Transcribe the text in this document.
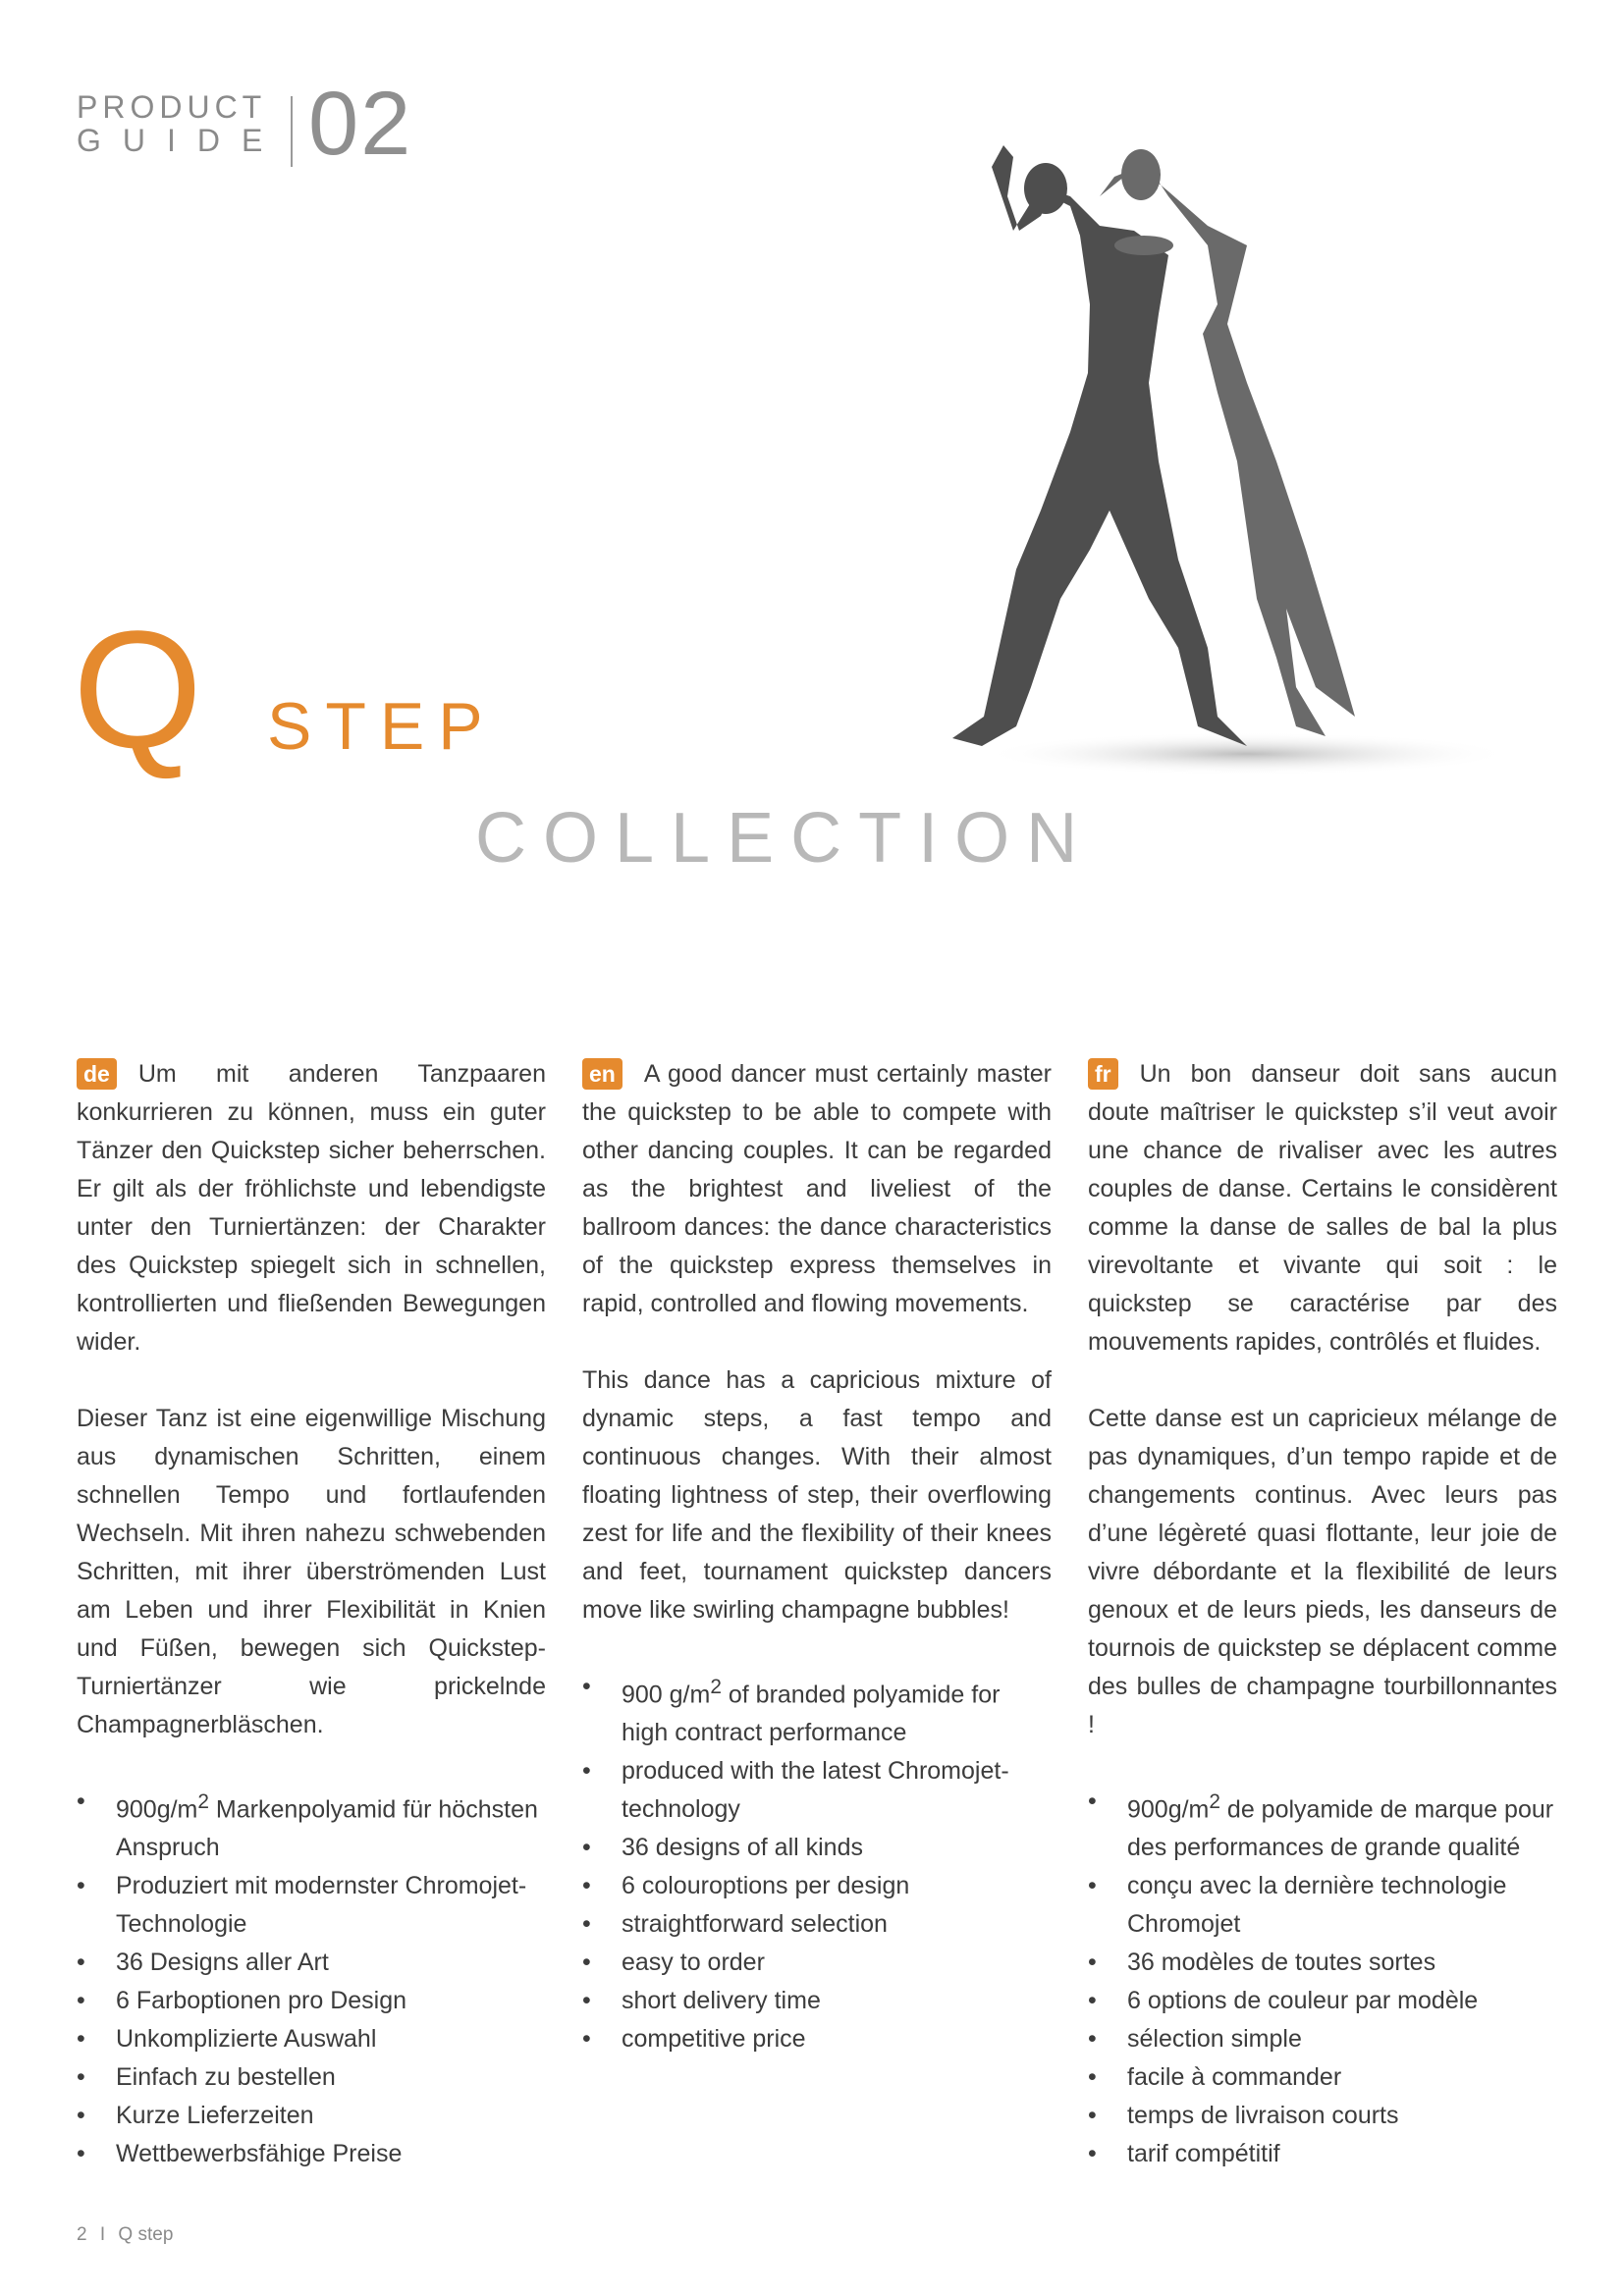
PRODUCT
GUIDE 02
Q STEP
COLLECTION

de Um mit anderen Tanzpaaren konkurrieren zu können, muss ein guter Tänzer den Quickstep sicher beherrschen. Er gilt als der fröhlichste und lebendigste unter den Turniertänzen: der Charakter des Quickstep spiegelt sich in schnellen, kontrollierten und fließenden Bewegungen wider.

Dieser Tanz ist eine eigenwillige Mischung aus dynamischen Schritten, einem schnellen Tempo und fortlaufenden Wechseln. Mit ihren nahezu schwebenden Schritten, mit ihrer überströmenden Lust am Leben und ihrer Flexibilität in Knien und Füßen, bewegen sich Quickstep-Turniertänzer wie prickelnde Champagnerbläschen.

• $900g/m^2$ Markenpolyamid für höchsten Anspruch
• Produziert mit modernster Chromojet-Technologie
• 36 Designs aller Art
• 6 Farboptionen pro Design
• Unkomplizierte Auswahl
• Einfach zu bestellen
• Kurze Lieferzeiten
• Wettbewerbsfähige Preise

en A good dancer must certainly master the quickstep to be able to compete with other dancing couples. It can be regarded as the brightest and liveliest of the ballroom dances: the dance characteristics of the quickstep express themselves in rapid, controlled and flowing movements.

This dance has a capricious mixture of dynamic steps, a fast tempo and continuous changes. With their almost floating lightness of step, their overflowing zest for life and the flexibility of their knees and feet, tournament quickstep dancers move like swirling champagne bubbles!

• 900 $g/m^2$ of branded polyamide for high contract performance
• produced with the latest Chromojet-technology
• 36 designs of all kinds
• 6 colouroptions per design
• straightforward selection
• easy to order
• short delivery time
• competitive price

fr Un bon danseur doit sans aucun doute maîtriser le quickstep s’il veut avoir une chance de rivaliser avec les autres couples de danse. Certains le considèrent comme la danse de salles de bal la plus virevoltante et vivante qui soit : le quickstep se caractérise par des mouvements rapides, contrôlés et fluides.

Cette danse est un capricieux mélange de pas dynamiques, d’un tempo rapide et de changements continus. Avec leurs pas d’une légèreté quasi flottante, leur joie de vivre débordante et la flexibilité de leurs genoux et de leurs pieds, les danseurs de tournois de quickstep se déplacent comme des bulles de champagne tourbillonnantes !

• $900g/m^2$ de polyamide de marque pour des performances de grande qualité
• conçu avec la dernière technologie Chromojet
• 36 modèles de toutes sortes
• 6 options de couleur par modèle
• sélection simple
• facile à commander
• temps de livraison courts
• tarif compétitif
2 I Q step
